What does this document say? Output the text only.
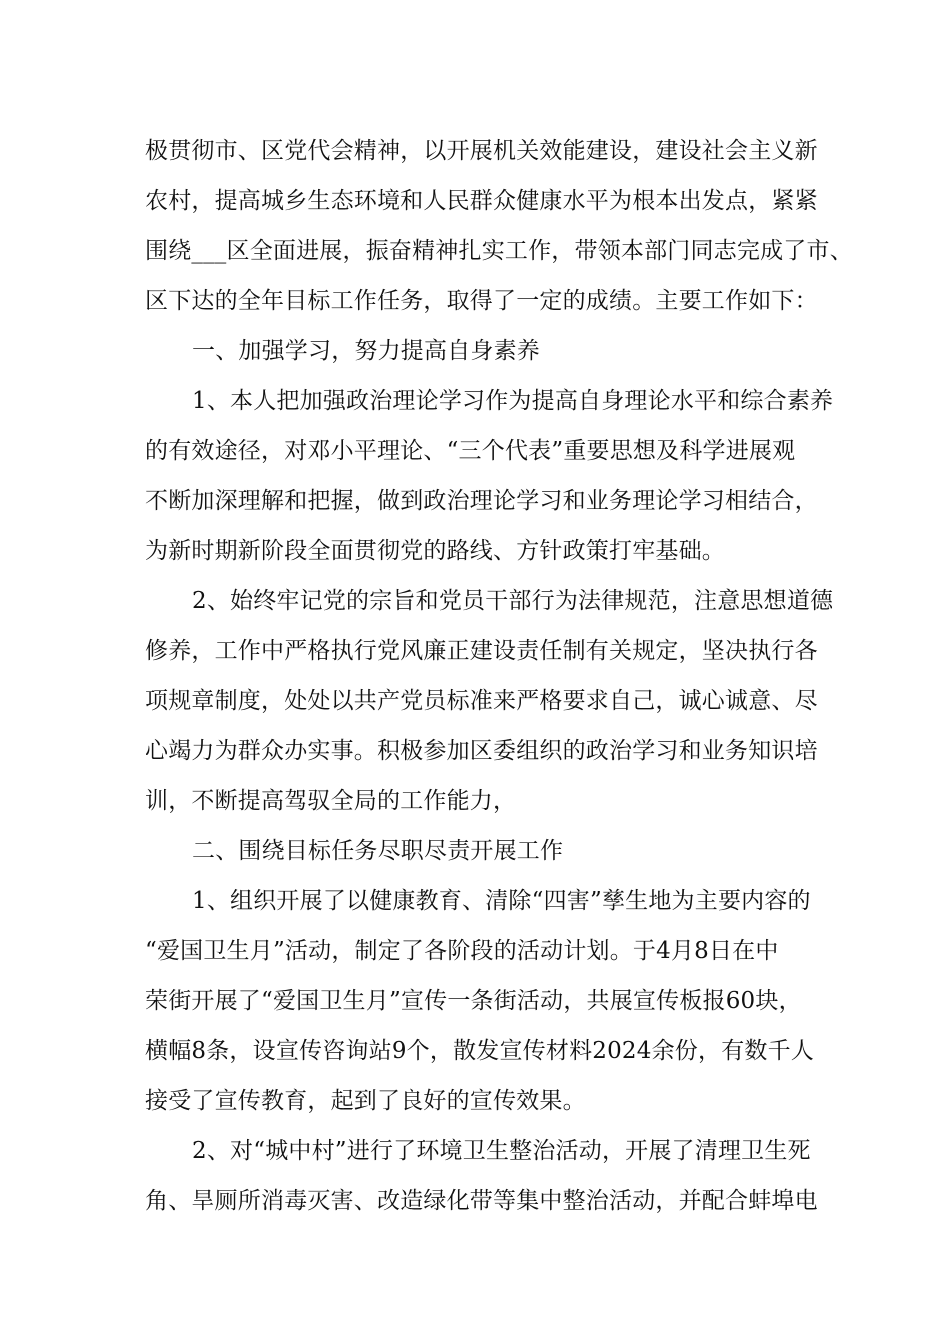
极贯彻市、区党代会精神，以开展机关效能建设，建设社会主义新
农村，提高城乡生态环境和人民群众健康水平为根本出发点，紧紧
围绕___区全面进展，振奋精神扎实工作，带领本部门同志完成了市、
区下达的全年目标工作任务，取得了一定的成绩。主要工作如下：
一、加强学习，努力提高自身素养
1、本人把加强政治理论学习作为提高自身理论水平和综合素养
的有效途径，对邓小平理论、“三个代表”重要思想及科学进展观
不断加深理解和把握，做到政治理论学习和业务理论学习相结合，
为新时期新阶段全面贯彻党的路线、方针政策打牢基础。
2、始终牢记党的宗旨和党员干部行为法律规范，注意思想道德
修养，工作中严格执行党风廉正建设责任制有关规定，坚决执行各
项规章制度，处处以共产党员标准来严格要求自己，诚心诚意、尽
心竭力为群众办实事。积极参加区委组织的政治学习和业务知识培
训，不断提高驾驭全局的工作能力，
二、围绕目标任务尽职尽责开展工作
1、组织开展了以健康教育、清除“四害”孳生地为主要内容的
“爱国卫生月”活动，制定了各阶段的活动计划。于4月8日在中
荣街开展了“爱国卫生月”宣传一条街活动，共展宣传板报60块，
横幅8条，设宣传咨询站9个，散发宣传材料2024余份，有数千人
接受了宣传教育，起到了良好的宣传效果。
2、对“城中村”进行了环境卫生整治活动，开展了清理卫生死
角、旱厕所消毒灭害、改造绿化带等集中整治活动，并配合蚌埠电
